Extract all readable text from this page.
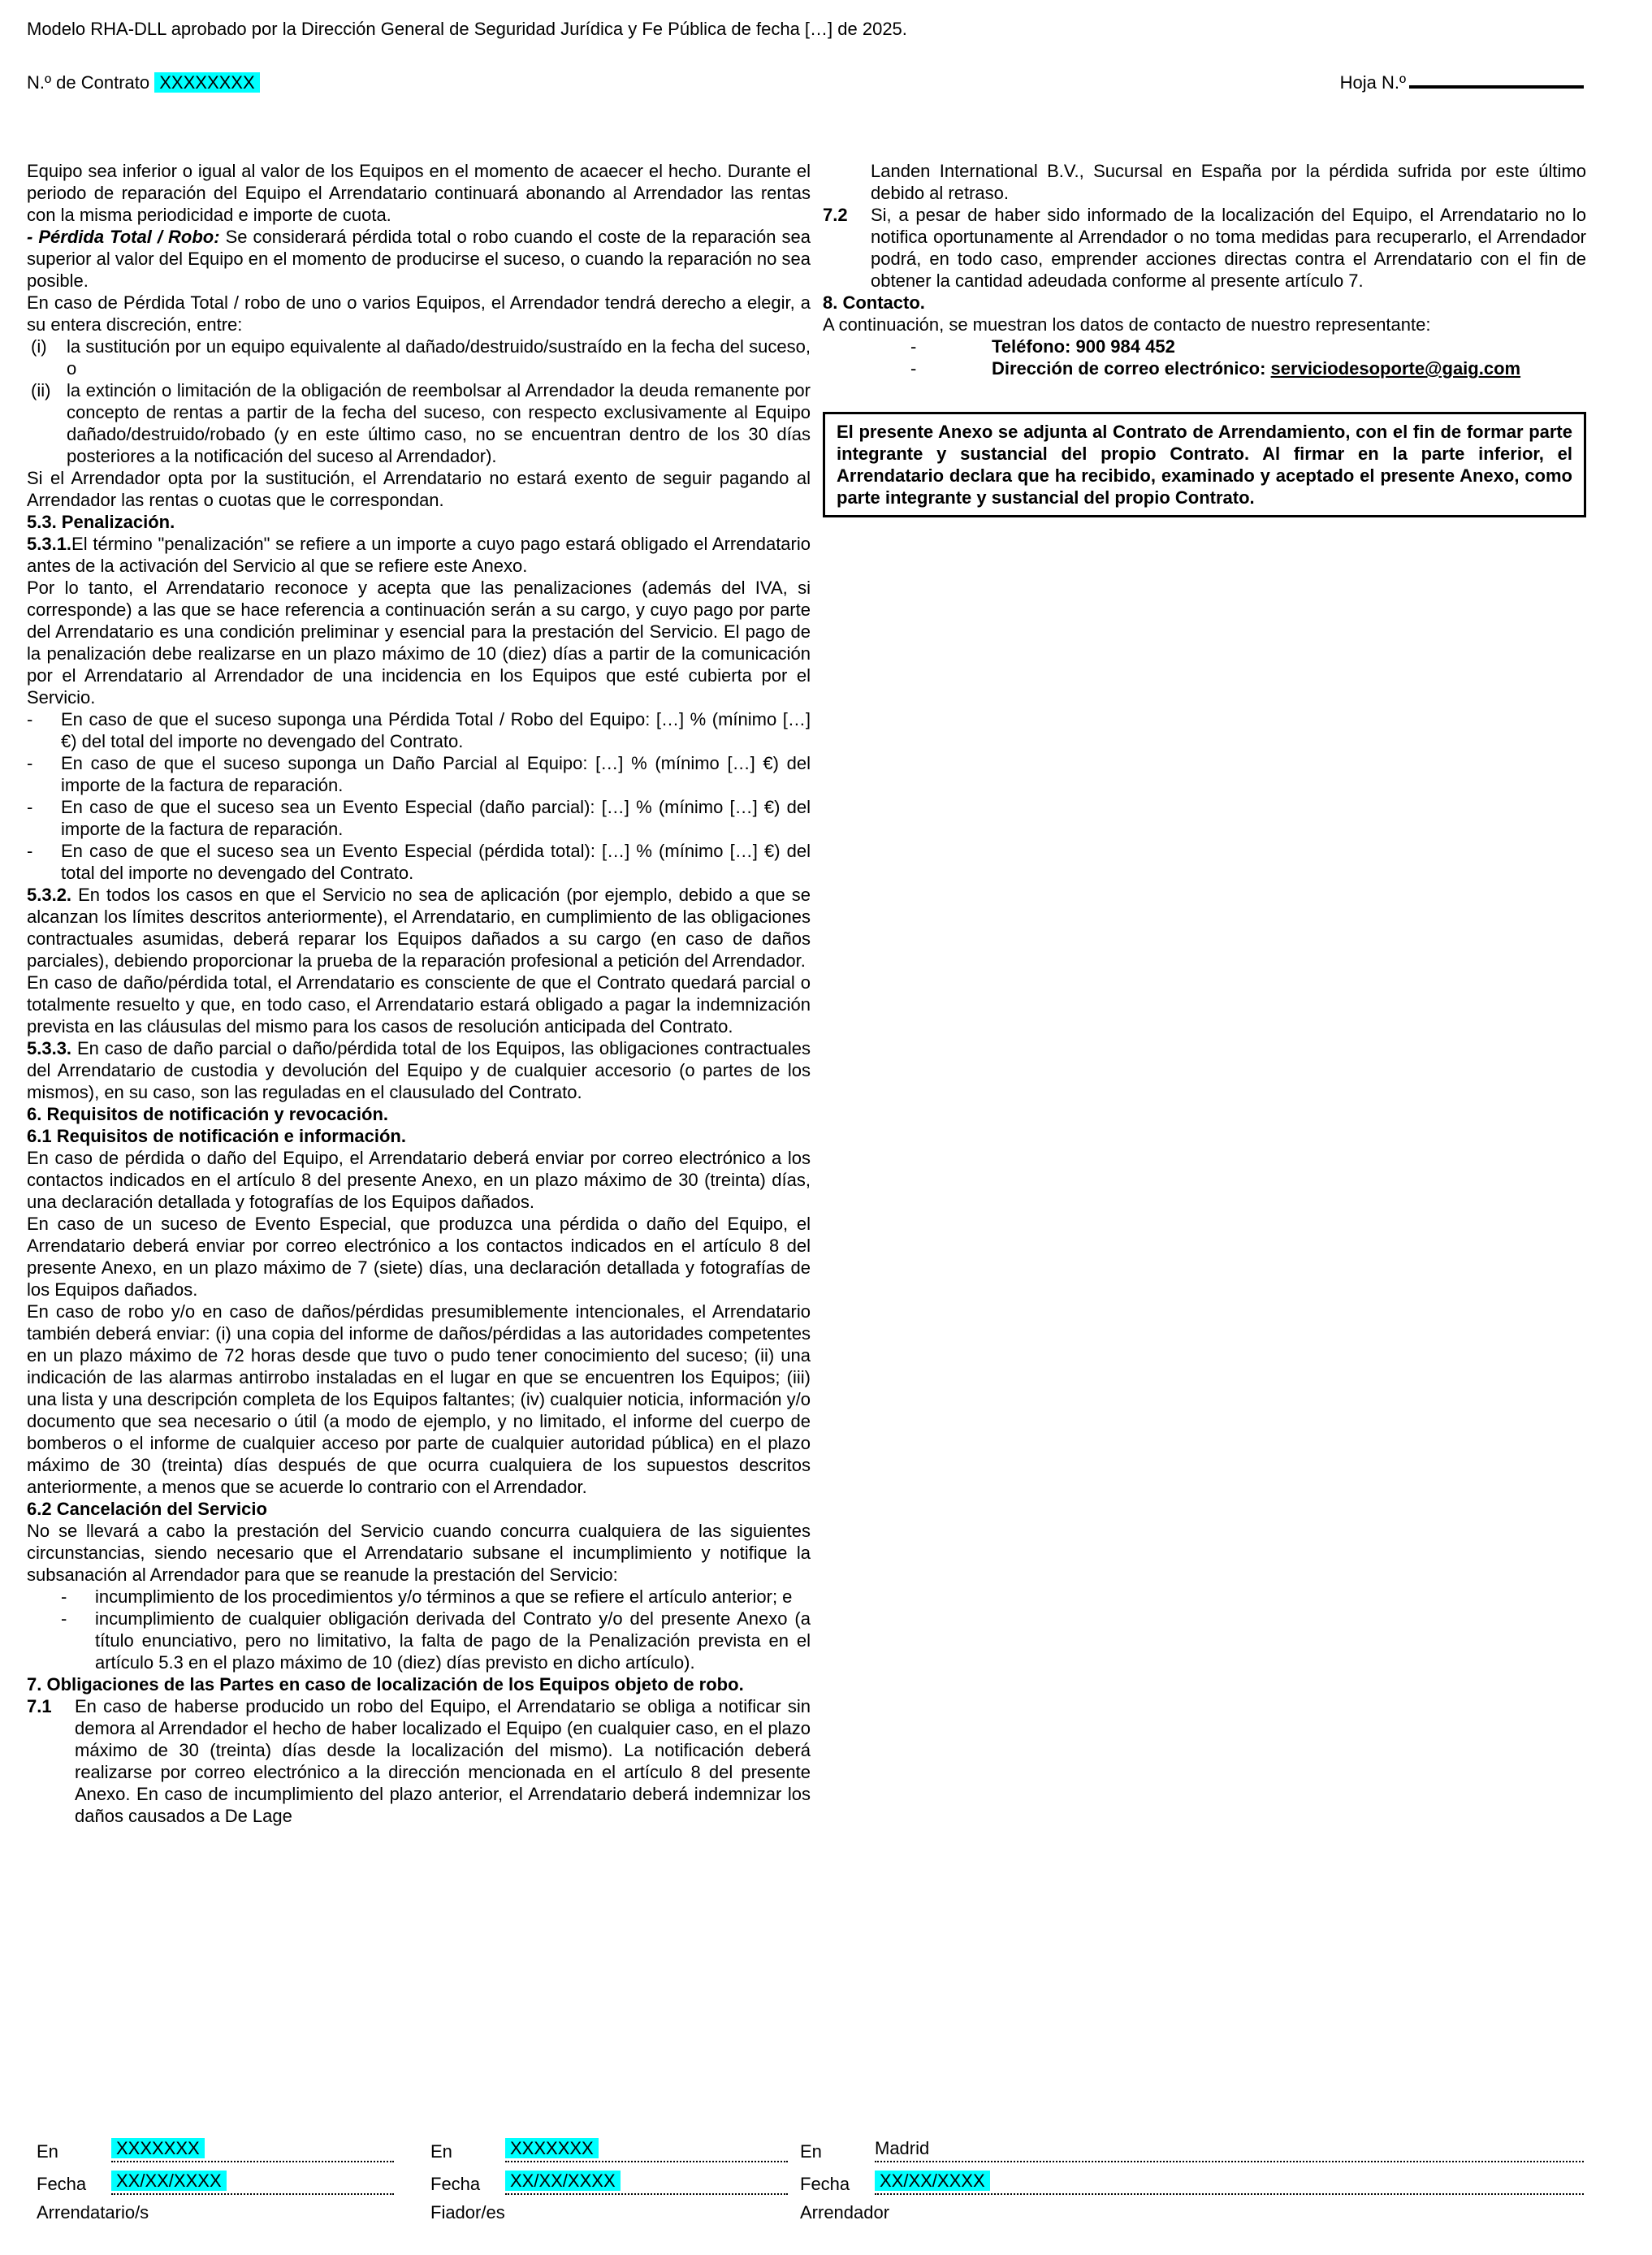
Modelo RHA-DLL aprobado por la Dirección General de Seguridad Jurídica y Fe Pública de fecha […] de 2025.

N.º de Contrato XXXXXXXX	Hoja N.º

Equipo sea inferior o igual al valor de los Equipos en el momento de acaecer el hecho. Durante el periodo de reparación del Equipo el Arrendatario continuará abonando al Arrendador las rentas con la misma periodicidad e importe de cuota.

- Pérdida Total / Robo: Se considerará pérdida total o robo cuando el coste de la reparación sea superior al valor del Equipo en el momento de producirse el suceso, o cuando la reparación no sea posible.

En caso de Pérdida Total / robo de uno o varios Equipos, el Arrendador tendrá derecho a elegir, a su entera discreción, entre:

(i)	la sustitución por un equipo equivalente al dañado/destruido/sustraído en la fecha del suceso, o
(ii) la extinción o limitación de la obligación de reembolsar al Arrendador la deuda remanente por concepto de rentas a partir de la fecha del suceso, con respecto exclusivamente al Equipo dañado/destruido/robado (y en este último caso, no se encuentran dentro de los 30 días posteriores a la notificación del suceso al Arrendador).

Si el Arrendador opta por la sustitución, el Arrendatario no estará exento de seguir pagando al Arrendador las rentas o cuotas que le correspondan.

5.3. Penalización.

5.3.1.El término "penalización" se refiere a un importe a cuyo pago estará obligado el Arrendatario antes de la activación del Servicio al que se refiere este Anexo.

Por lo tanto, el Arrendatario reconoce y acepta que las penalizaciones (además del IVA, si corresponde) a las que se hace referencia a continuación serán a su cargo, y cuyo pago por parte del Arrendatario es una condición preliminar y esencial para la prestación del Servicio. El pago de la penalización debe realizarse en un plazo máximo de 10 (diez) días a partir de la comunicación por el Arrendatario al Arrendador de una incidencia en los Equipos que esté cubierta por el Servicio.

-	En caso de que el suceso suponga una Pérdida Total / Robo del Equipo: […] % (mínimo […] €) del total del importe no devengado del Contrato.
-	En caso de que el suceso suponga un Daño Parcial al Equipo: […] % (mínimo […] €) del importe de la factura de reparación.
-	En caso de que el suceso sea un Evento Especial (daño parcial): […] % (mínimo […] €) del importe de la factura de reparación.
-	En caso de que el suceso sea un Evento Especial (pérdida total): […] % (mínimo […] €) del total del importe no devengado del Contrato.

5.3.2. En todos los casos en que el Servicio no sea de aplicación (por ejemplo, debido a que se alcanzan los límites descritos anteriormente), el Arrendatario, en cumplimiento de las obligaciones contractuales asumidas, deberá reparar los Equipos dañados a su cargo (en caso de daños parciales), debiendo proporcionar la prueba de la reparación profesional a petición del Arrendador.

En caso de daño/pérdida total, el Arrendatario es consciente de que el Contrato quedará parcial o totalmente resuelto y que, en todo caso, el Arrendatario estará obligado a pagar la indemnización prevista en las cláusulas del mismo para los casos de resolución anticipada del Contrato.

5.3.3. En caso de daño parcial o daño/pérdida total de los Equipos, las obligaciones contractuales del Arrendatario de custodia y devolución del Equipo y de cualquier accesorio (o partes de los mismos), en su caso, son las reguladas en el clausulado del Contrato.

6. Requisitos de notificación y revocación.

6.1 Requisitos de notificación e información.

En caso de pérdida o daño del Equipo, el Arrendatario deberá enviar por correo electrónico a los contactos indicados en el artículo 8 del presente Anexo, en un plazo máximo de 30 (treinta) días, una declaración detallada y fotografías de los Equipos dañados.

En caso de un suceso de Evento Especial, que produzca una pérdida o daño del Equipo, el Arrendatario deberá enviar por correo electrónico a los contactos indicados en el artículo 8 del presente Anexo, en un plazo máximo de 7 (siete) días, una declaración detallada y fotografías de los Equipos dañados.

En caso de robo y/o en caso de daños/pérdidas presumiblemente intencionales, el Arrendatario también deberá enviar: (i) una copia del informe de daños/pérdidas a las autoridades competentes en un plazo máximo de 72 horas desde que tuvo o pudo tener conocimiento del suceso; (ii) una indicación de las alarmas antirrobo instaladas en el lugar en que se encuentren los Equipos; (iii) una lista y una descripción completa de los Equipos faltantes; (iv) cualquier noticia, información y/o documento que sea necesario o útil (a modo de ejemplo, y no limitado, el informe del cuerpo de bomberos o el informe de cualquier acceso por parte de cualquier autoridad pública) en el plazo máximo de 30 (treinta) días después de que ocurra cualquiera de los supuestos descritos anteriormente, a menos que se acuerde lo contrario con el Arrendador.

6.2 Cancelación del Servicio

No se llevará a cabo la prestación del Servicio cuando concurra cualquiera de las siguientes circunstancias, siendo necesario que el Arrendatario subsane el incumplimiento y notifique la subsanación al Arrendador para que se reanude la prestación del Servicio:

-	incumplimiento de los procedimientos y/o términos a que se refiere el artículo anterior; e
-	incumplimiento de cualquier obligación derivada del Contrato y/o del presente Anexo (a título enunciativo, pero no limitativo, la falta de pago de la Penalización prevista en el artículo 5.3 en el plazo máximo de 10 (diez) días previsto en dicho artículo).

7. Obligaciones de las Partes en caso de localización de los Equipos objeto de robo.

7.1	En caso de haberse producido un robo del Equipo, el Arrendatario se obliga a notificar sin demora al Arrendador el hecho de haber localizado el Equipo (en cualquier caso, en el plazo máximo de 30 (treinta) días desde la localización del mismo). La notificación deberá realizarse por correo electrónico a la dirección mencionada en el artículo 8 del presente Anexo. En caso de incumplimiento del plazo anterior, el Arrendatario deberá indemnizar los daños causados a De Lage

Landen International B.V., Sucursal en España por la pérdida sufrida por este último debido al retraso.

7.2	Si, a pesar de haber sido informado de la localización del Equipo, el Arrendatario no lo notifica oportunamente al Arrendador o no toma medidas para recuperarlo, el Arrendador podrá, en todo caso, emprender acciones directas contra el Arrendatario con el fin de obtener la cantidad adeudada conforme al presente artículo 7.

8. Contacto.

A continuación, se muestran los datos de contacto de nuestro representante:

-	Teléfono: 900 984 452
-	Dirección de correo electrónico: serviciodesoporte@gaig.com
El presente Anexo se adjunta al Contrato de Arrendamiento, con el fin de formar parte integrante y sustancial del propio Contrato. Al firmar en la parte inferior, el Arrendatario declara que ha recibido, examinado y aceptado el presente Anexo, como parte integrante y sustancial del propio Contrato.
En	XXXXXXX
Fecha	XX/XX/XXXX
Arrendatario/s
En	XXXXXXX
Fecha	XX/XX/XXXX
Fiador/es
En	Madrid
Fecha	XX/XX/XXXX
Arrendador
